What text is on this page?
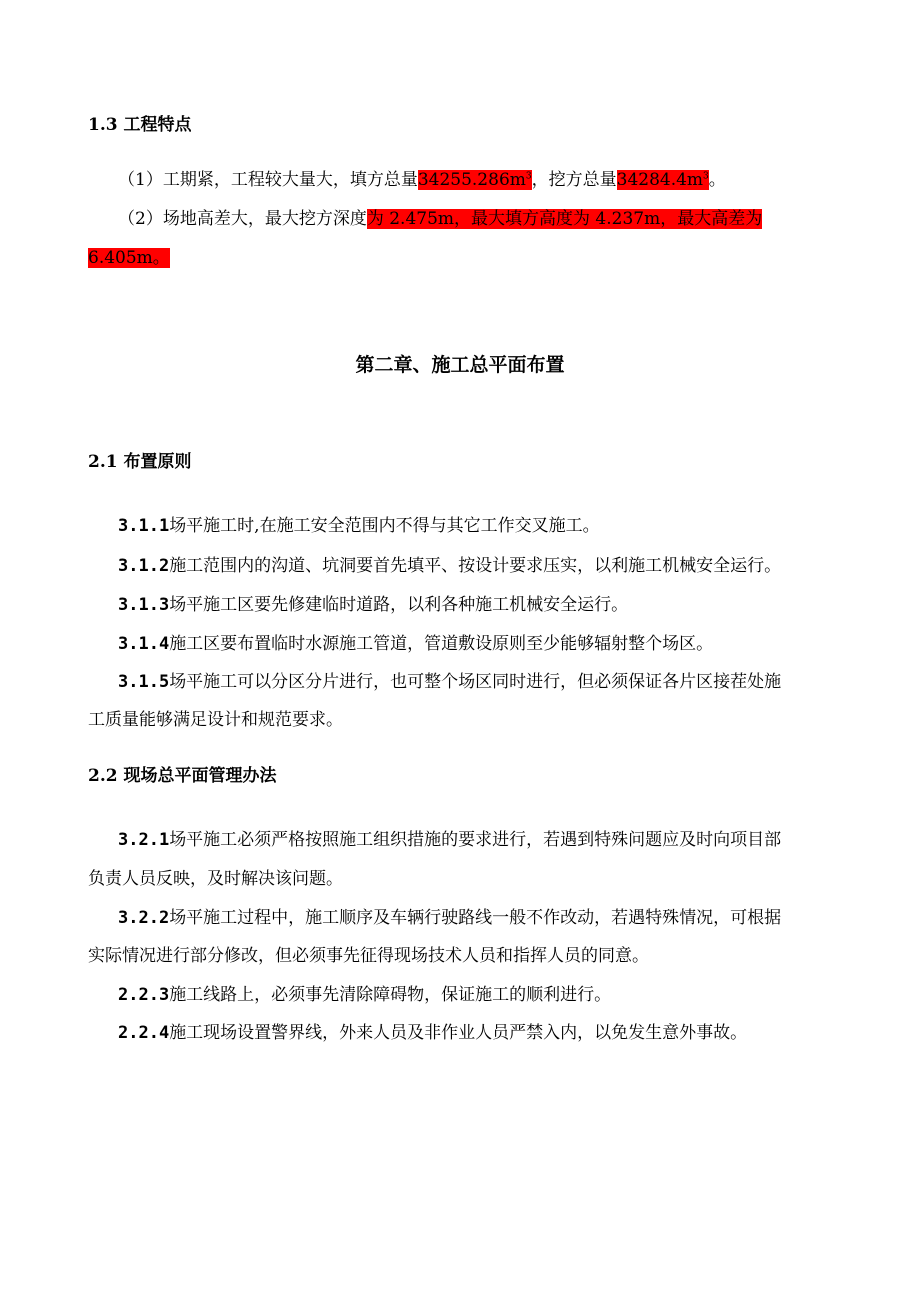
1.3 工程特点
（1）工期紧，工程较大量大，填方总量$34255.286m^3$，挖方总量$34284.4m^3$。
（2）场地高差大，最大挖方深度为 2.475m，最大填方高度为 4.237m，最大高差为
6.405m。
第二章、施工总平面布置
2.1 布置原则
3.1.1场平施工时,在施工安全范围内不得与其它工作交叉施工。
3.1.2施工范围内的沟道、坑洞要首先填平、按设计要求压实，以利施工机械安全运行。
3.1.3场平施工区要先修建临时道路，以利各种施工机械安全运行。
3.1.4施工区要布置临时水源施工管道，管道敷设原则至少能够辐射整个场区。
3.1.5场平施工可以分区分片进行，也可整个场区同时进行，但必须保证各片区接茬处施
工质量能够满足设计和规范要求。
2.2 现场总平面管理办法
3.2.1场平施工必须严格按照施工组织措施的要求进行，若遇到特殊问题应及时向项目部
负责人员反映，及时解决该问题。
3.2.2场平施工过程中，施工顺序及车辆行驶路线一般不作改动，若遇特殊情况，可根据
实际情况进行部分修改，但必须事先征得现场技术人员和指挥人员的同意。
2.2.3施工线路上，必须事先清除障碍物，保证施工的顺利进行。
2.2.4施工现场设置警界线，外来人员及非作业人员严禁入内，以免发生意外事故。
